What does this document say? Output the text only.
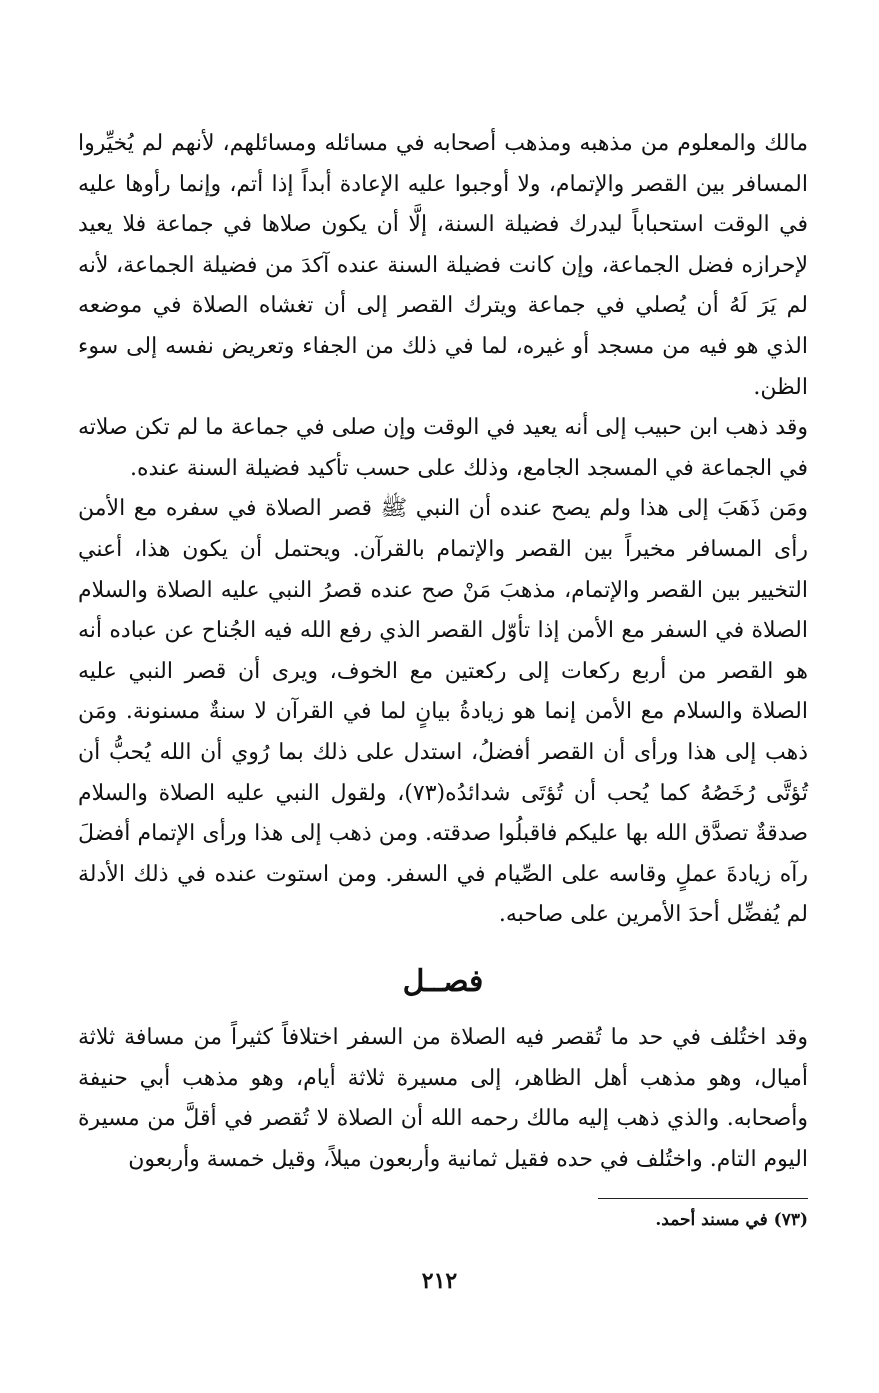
مالك والمعلوم من مذهبه ومذهب أصحابه في مسائله ومسائلهم، لأنهم لم يُخيِّروا المسافر بين القصر والإتمام، ولا أوجبوا عليه الإعادة أبداً إذا أتم، وإنما رأوها عليه في الوقت استحباباً ليدرك فضيلة السنة، إلَّا أن يكون صلاها في جماعة فلا يعيد لإحرازه فضل الجماعة، وإن كانت فضيلة السنة عنده آكدَ من فضيلة الجماعة، لأنه لم يَرَ لَهُ أن يُصلي في جماعة ويترك القصر إلى أن تغشاه الصلاة في موضعه الذي هو فيه من مسجد أو غيره، لما في ذلك من الجفاء وتعريض نفسه إلى سوء الظن.

وقد ذهب ابن حبيب إلى أنه يعيد في الوقت وإن صلى في جماعة ما لم تكن صلاته في الجماعة في المسجد الجامع، وذلك على حسب تأكيد فضيلة السنة عنده.

ومَن ذَهَبَ إلى هذا ولم يصح عنده أن النبي ﷺ قصر الصلاة في سفره مع الأمن رأى المسافر مخيراً بين القصر والإتمام بالقرآن. ويحتمل أن يكون هذا، أعني التخيير بين القصر والإتمام، مذهبَ مَنْ صح عنده قصرُ النبي عليه الصلاة والسلام الصلاة في السفر مع الأمن إذا تأوّل القصر الذي رفع الله فيه الجُناح عن عباده أنه هو القصر من أربع ركعات إلى ركعتين مع الخوف، ويرى أن قصر النبي عليه الصلاة والسلام مع الأمن إنما هو زيادةُ بيانٍ لما في القرآن لا سنةٌ مسنونة. ومَن ذهب إلى هذا ورأى أن القصر أفضلُ، استدل على ذلك بما رُوي أن الله يُحبُّ أن تُؤتَّى رُخَصُهُ كما يُحب أن تُؤتَى شدائدُه(٧٣)، ولقول النبي عليه الصلاة والسلام صدقةٌ تصدَّق الله بها عليكم فاقبلُوا صدقته. ومن ذهب إلى هذا ورأى الإتمام أفضلَ رآه زيادةَ عملٍ وقاسه على الصِّيام في السفر. ومن استوت عنده في ذلك الأدلة لم يُفضِّل أحدَ الأمرين على صاحبه.

فصــل

وقد اختُلف في حد ما تُقصر فيه الصلاة من السفر اختلافاً كثيراً من مسافة ثلاثة أميال، وهو مذهب أهل الظاهر، إلى مسيرة ثلاثة أيام، وهو مذهب أبي حنيفة وأصحابه. والذي ذهب إليه مالك رحمه الله أن الصلاة لا تُقصر في أقلَّ من مسيرة اليوم التام. واختُلف في حده فقيل ثمانية وأربعون ميلاً، وقيل خمسة وأربعون

(٧٣) في مسند أحمد.
٢١٢
